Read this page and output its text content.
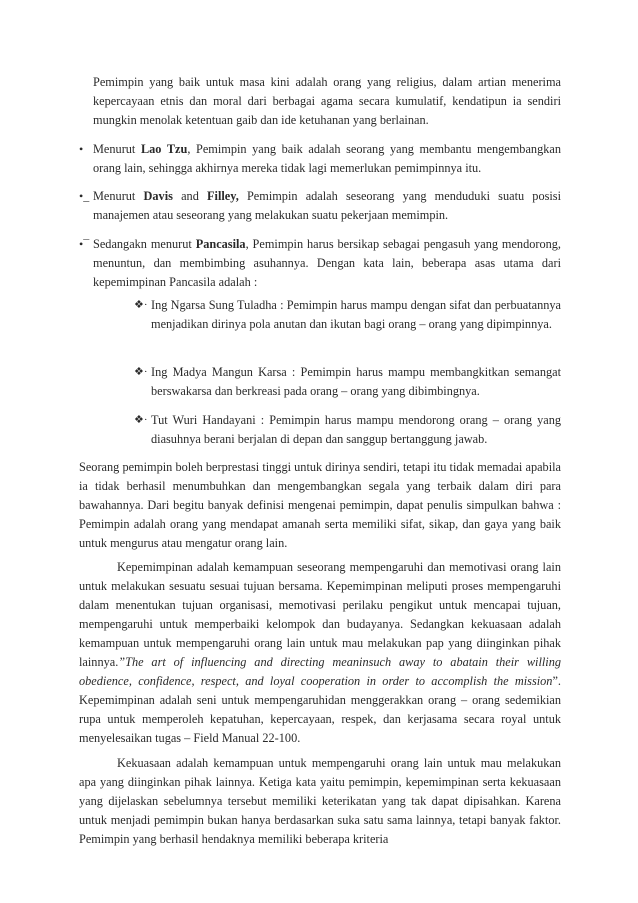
Pemimpin yang baik untuk masa kini adalah orang yang religius, dalam artian menerima kepercayaan etnis dan moral dari berbagai agama secara kumulatif, kendatipun ia sendiri mungkin menolak ketentuan gaib dan ide ketuhanan yang berlainan.

• Menurut Lao Tzu, Pemimpin yang baik adalah seorang yang membantu mengembangkan orang lain, sehingga akhirnya mereka tidak lagi memerlukan pemimpinnya itu.

•_ Menurut Davis and Filley, Pemimpin adalah seseorang yang menduduki suatu posisi manajemen atau seseorang yang melakukan suatu pekerjaan memimpin.

•¯ Sedangakn menurut Pancasila, Pemimpin harus bersikap sebagai pengasuh yang mendorong, menuntun, dan membimbing asuhannya. Dengan kata lain, beberapa asas utama dari kepemimpinan Pancasila adalah :

❖· Ing Ngarsa Sung Tuladha : Pemimpin harus mampu dengan sifat dan perbuatannya menjadikan dirinya pola anutan dan ikutan bagi orang – orang yang dipimpinnya.

❖· Ing Madya Mangun Karsa : Pemimpin harus mampu membangkitkan semangat berswakarsa dan berkreasi pada orang – orang yang dibimbingnya.

❖· Tut Wuri Handayani : Pemimpin harus mampu mendorong orang – orang yang diasuhnya berani berjalan di depan dan sanggup bertanggung jawab.

Seorang pemimpin boleh berprestasi tinggi untuk dirinya sendiri, tetapi itu tidak memadai apabila ia tidak berhasil menumbuhkan dan mengembangkan segala yang terbaik dalam diri para bawahannya. Dari begitu banyak definisi mengenai pemimpin, dapat penulis simpulkan bahwa : Pemimpin adalah orang yang mendapat amanah serta memiliki sifat, sikap, dan gaya yang baik untuk mengurus atau mengatur orang lain.

Kepemimpinan adalah kemampuan seseorang mempengaruhi dan memotivasi orang lain untuk melakukan sesuatu sesuai tujuan bersama. Kepemimpinan meliputi proses mempengaruhi dalam menentukan tujuan organisasi, memotivasi perilaku pengikut untuk mencapai tujuan, mempengaruhi untuk memperbaiki kelompok dan budayanya. Sedangkan kekuasaan adalah kemampuan untuk mempengaruhi orang lain untuk mau melakukan pap yang diinginkan pihak lainnya.”The art of influencing and directing meaninsuch away to abatain their willing obedience, confidence, respect, and loyal cooperation in order to accomplish the mission”. Kepemimpinan adalah seni untuk mempengaruhidan menggerakkan orang – orang sedemikian rupa untuk memperoleh kepatuhan, kepercayaan, respek, dan kerjasama secara royal untuk menyelesaikan tugas – Field Manual 22-100.

Kekuasaan adalah kemampuan untuk mempengaruhi orang lain untuk mau melakukan apa yang diinginkan pihak lainnya. Ketiga kata yaitu pemimpin, kepemimpinan serta kekuasaan yang dijelaskan sebelumnya tersebut memiliki keterikatan yang tak dapat dipisahkan. Karena untuk menjadi pemimpin bukan hanya berdasarkan suka satu sama lainnya, tetapi banyak faktor. Pemimpin yang berhasil hendaknya memiliki beberapa kriteria
